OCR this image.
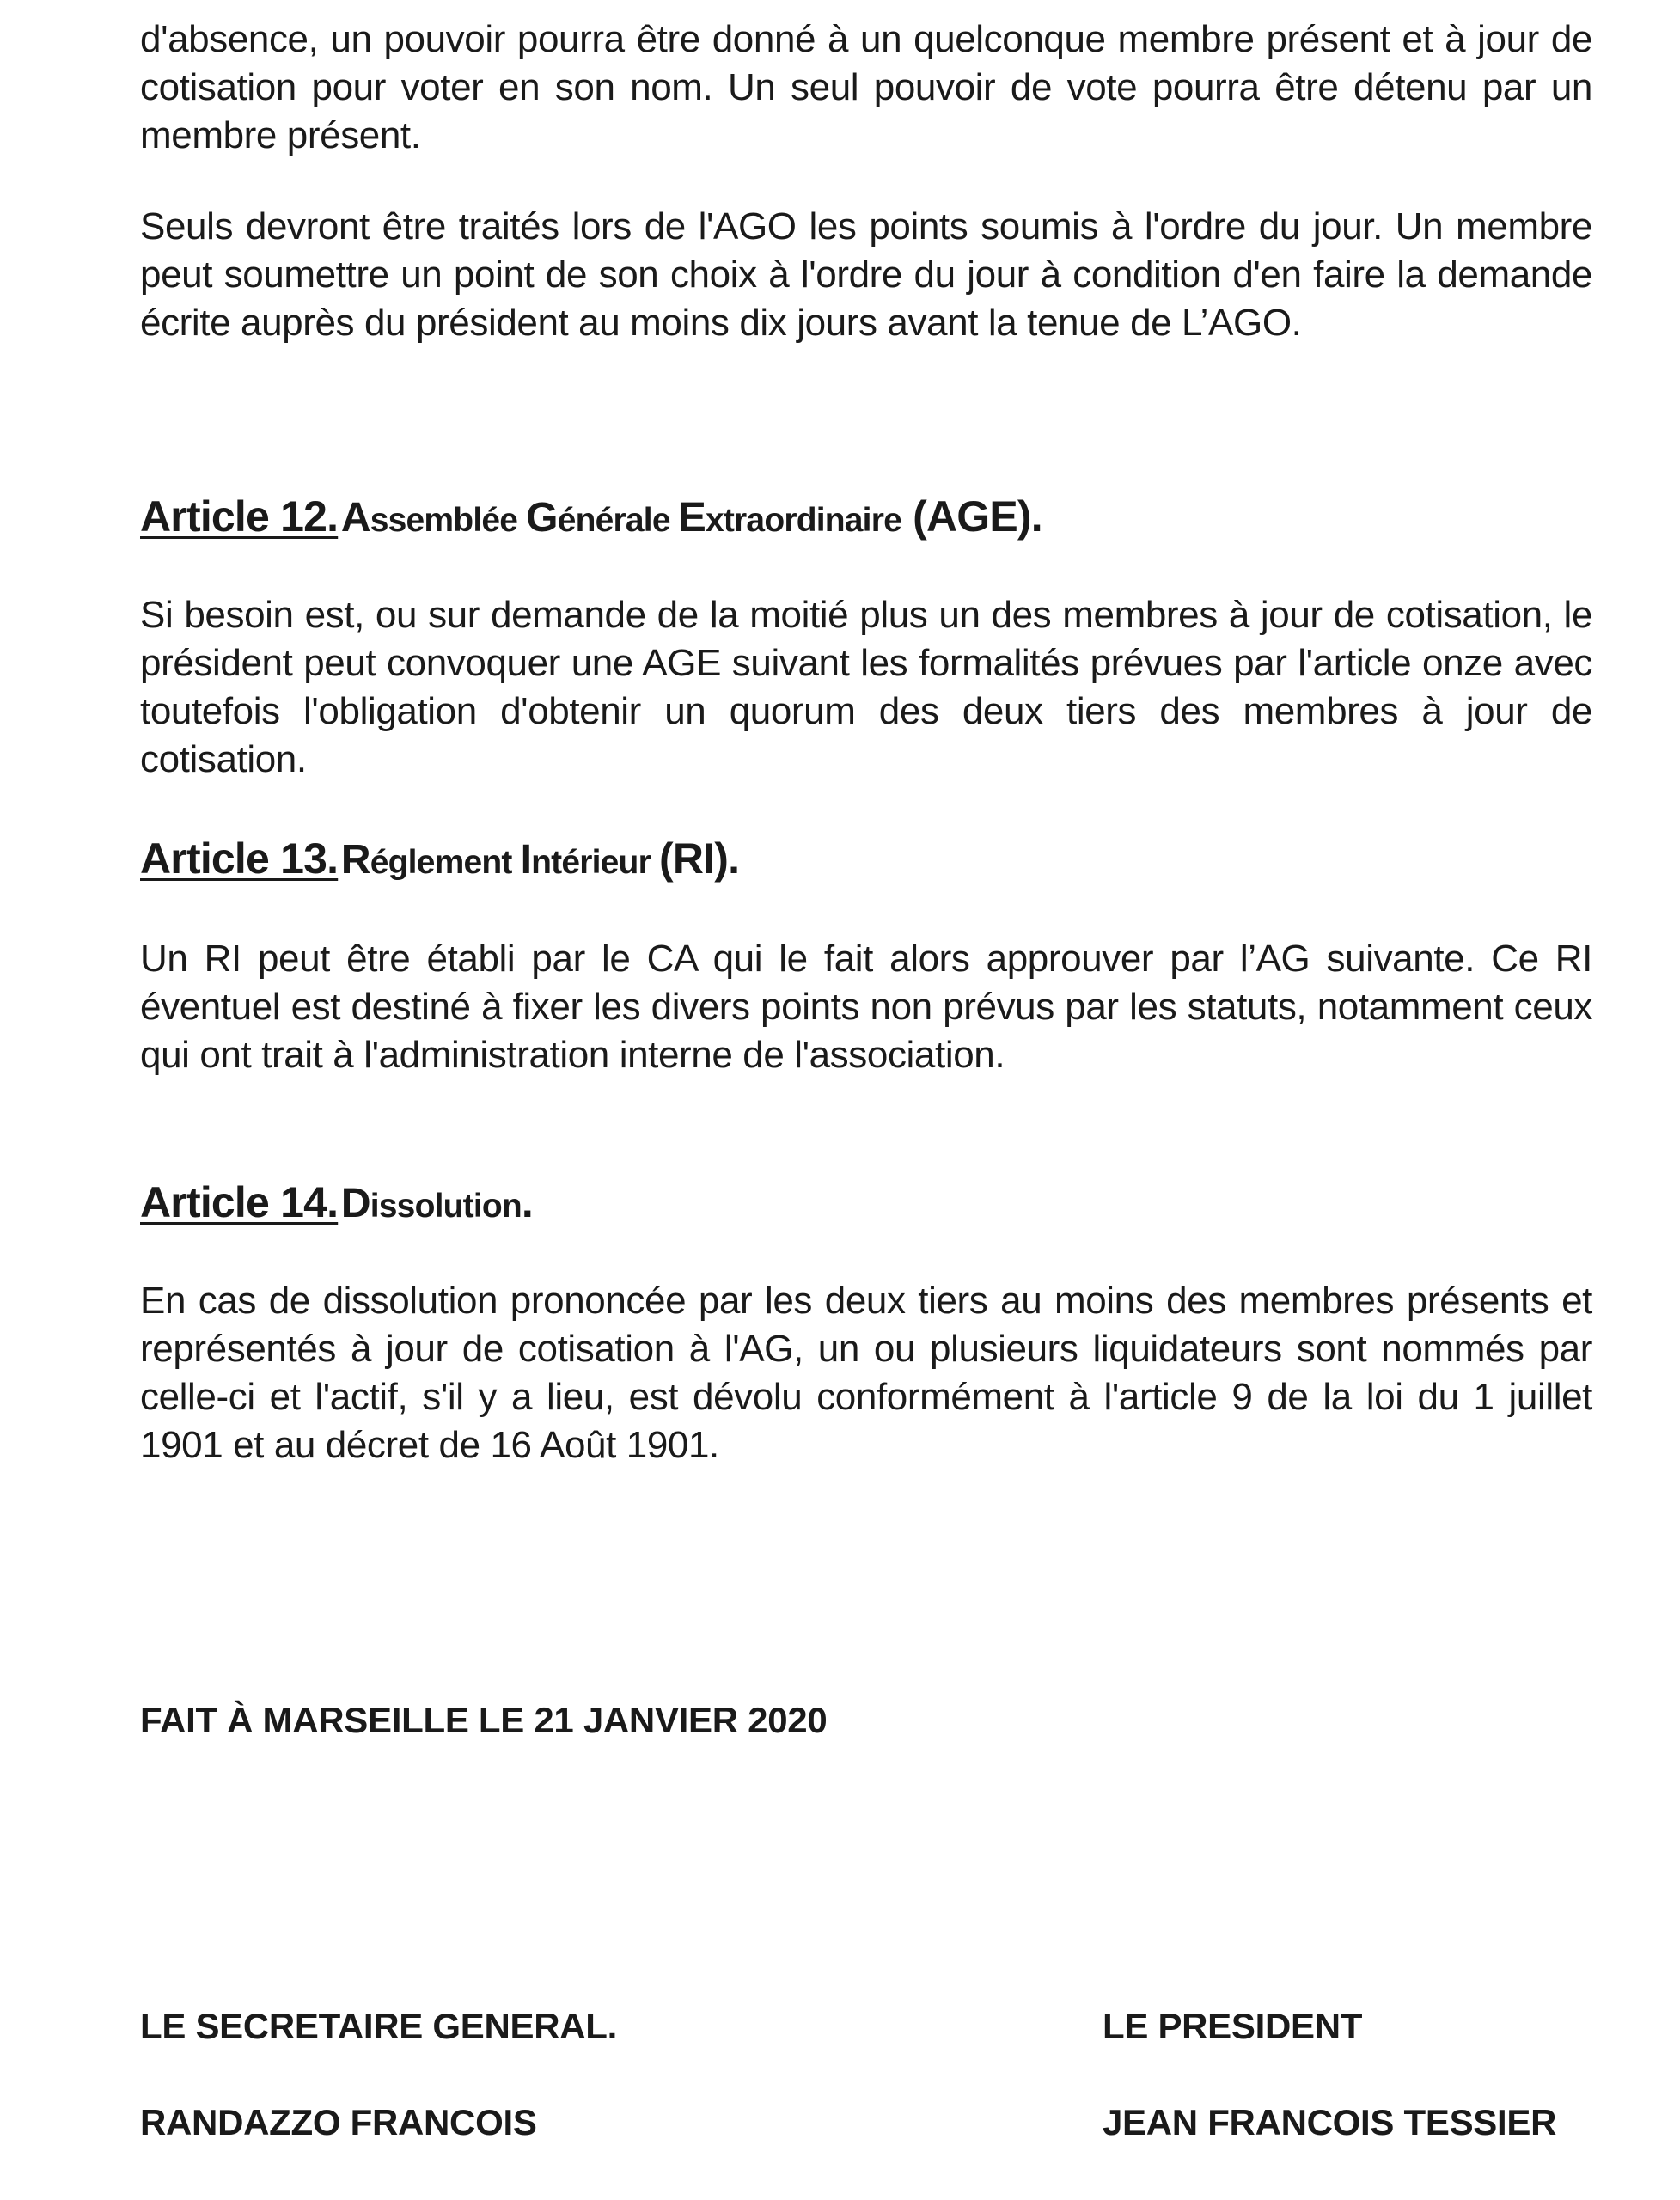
d'absence, un pouvoir pourra être donné à un quelconque membre présent et à jour de cotisation pour voter en son nom. Un seul pouvoir de vote pourra être détenu par un membre présent.

Seuls devront être traités lors de l'AGO les points soumis à l'ordre du jour. Un membre peut soumettre un point de son choix à l'ordre du jour à condition d'en faire la demande écrite auprès du président au moins dix jours avant la tenue de L’AGO.

Article 12. Assemblée Générale Extraordinaire (AGE).

Si besoin est, ou sur demande de la moitié plus un des membres à jour de cotisation, le président peut convoquer une AGE suivant les formalités prévues par l'article onze avec toutefois l'obligation d'obtenir un quorum des deux tiers des membres à jour de cotisation.

Article 13. Réglement Intérieur (RI).

Un RI peut être établi par le CA qui le fait alors approuver par l’AG suivante. Ce RI éventuel est destiné à fixer les divers points non prévus par les statuts, notamment ceux qui ont trait à l'administration interne de l'association.

Article 14. Dissolution.

En cas de dissolution prononcée par les deux tiers au moins des membres présents et représentés à jour de cotisation à l'AG, un ou plusieurs liquidateurs sont nommés par celle-ci et l'actif, s'il y a lieu, est dévolu conformément à l'article 9 de la loi du 1 juillet 1901 et au décret de 16 Août 1901.

FAIT À MARSEILLE LE 21 JANVIER 2020

LE SECRETAIRE GENERAL.	LE PRESIDENT

RANDAZZO FRANCOIS	JEAN FRANCOIS TESSIER
